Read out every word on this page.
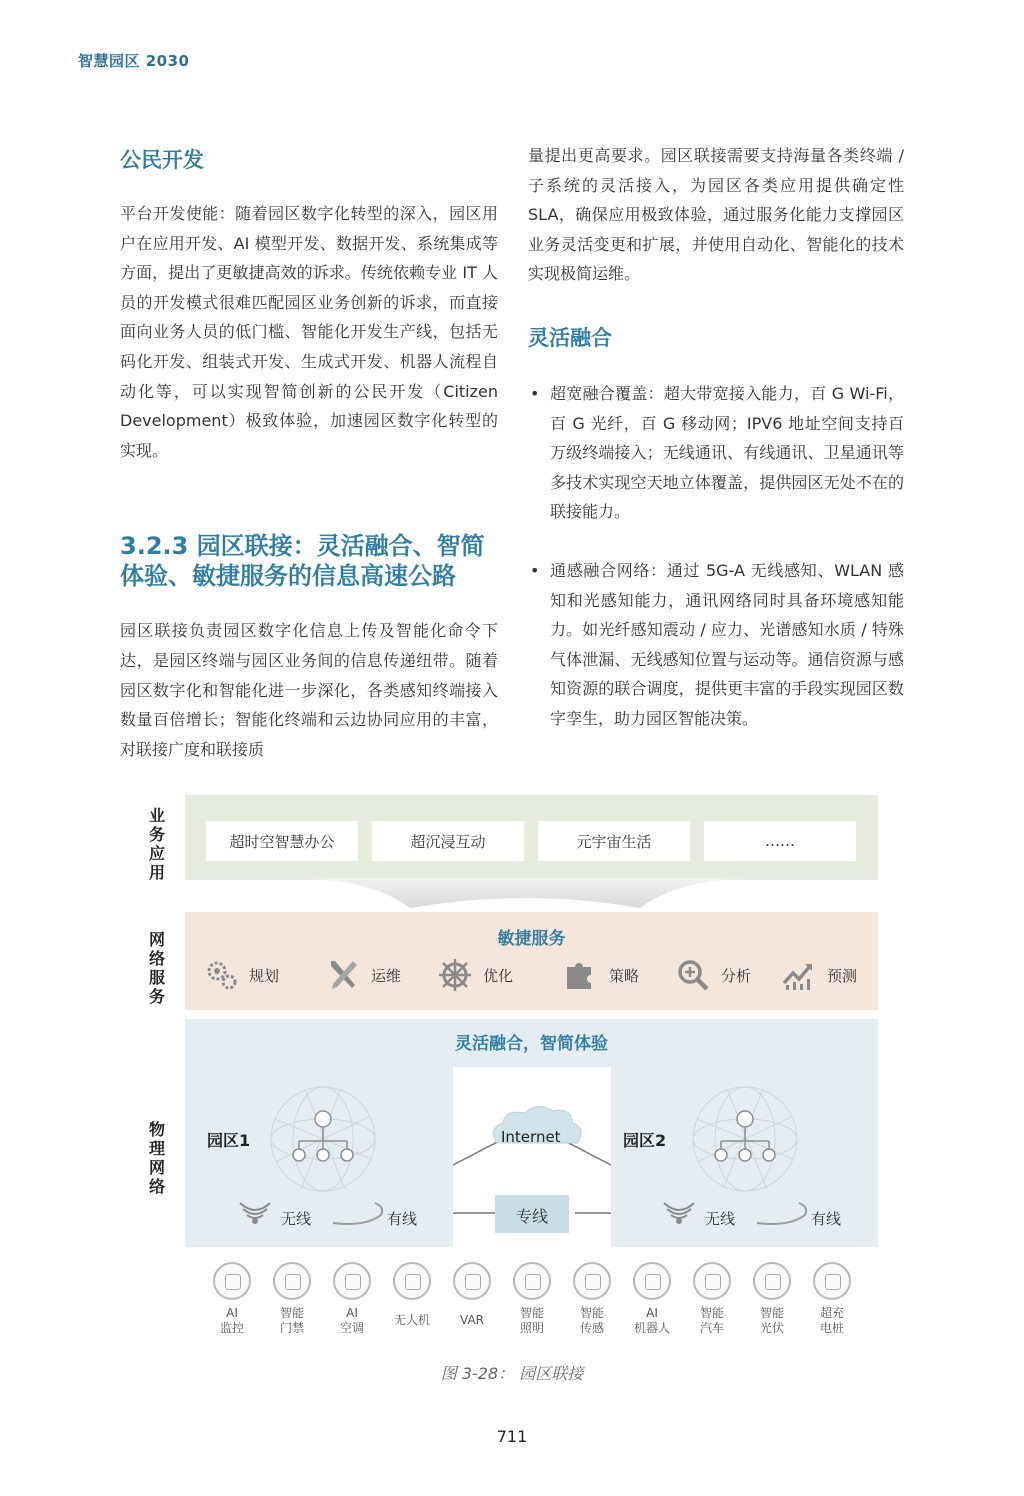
智慧园区 2030
公民开发

平台开发使能：随着园区数字化转型的深入，园区用户在应用开发、AI 模型开发、数据开发、系统集成等方面，提出了更敏捷高效的诉求。传统依赖专业 IT 人员的开发模式很难匹配园区业务创新的诉求，而直接面向业务人员的低门槛、智能化开发生产线，包括无码化开发、组装式开发、生成式开发、机器人流程自动化等，可以实现智简创新的公民开发（Citizen Development）极致体验，加速园区数字化转型的实现。

3.2.3 园区联接：灵活融合、智简体验、敏捷服务的信息高速公路

园区联接负责园区数字化信息上传及智能化命令下达，是园区终端与园区业务间的信息传递纽带。随着园区数字化和智能化进一步深化，各类感知终端接入数量百倍增长；智能化终端和云边协同应用的丰富，对联接广度和联接质

量提出更高要求。园区联接需要支持海量各类终端 / 子系统的灵活接入，为园区各类应用提供确定性 SLA，确保应用极致体验，通过服务化能力支撑园区业务灵活变更和扩展，并使用自动化、智能化的技术实现极简运维。

灵活融合
• 超宽融合覆盖：超大带宽接入能力，百 G Wi-Fi，百 G 光纤，百 G 移动网；IPV6 地址空间支持百万级终端接入；无线通讯、有线通讯、卫星通讯等多技术实现空天地立体覆盖，提供园区无处不在的联接能力。
• 通感融合网络：通过 5G-A 无线感知、WLAN 感知和光感知能力，通讯网络同时具备环境感知能力。如光纤感知震动 / 应力、光谱感知水质 / 特殊气体泄漏、无线感知位置与运动等。通信资源与感知资源的联合调度，提供更丰富的手段实现园区数字孪生，助力园区智能决策。
业
务
应
用
网
络
服
务
物
理
网
络
超时空智慧办公	超沉浸互动	元宇宙生活	……
敏捷服务
规划	运维	优化	策略	分析	预测
灵活融合，智简体验
园区1	园区2
Internet
专线
无线	有线	无线	有线
AI
监控
智能
门禁
AI
空调
无人机	VAR	智能
照明
智能
传感
AI
机器人
智能
汽车
智能
光伏
超充
电桩
图 3-28： 园区联接
711
